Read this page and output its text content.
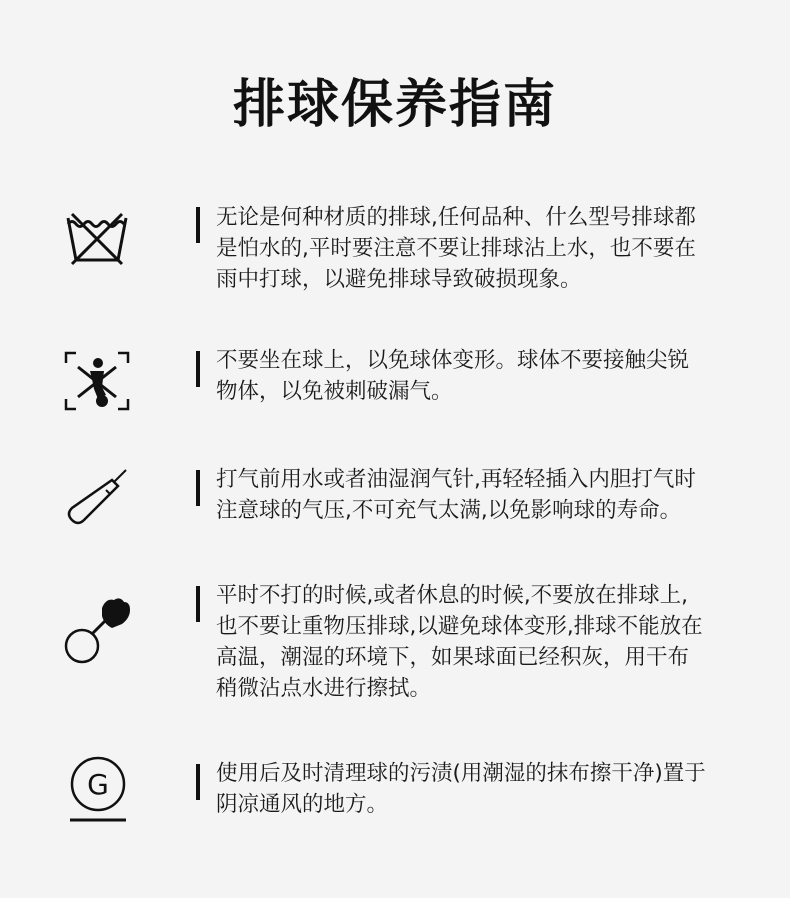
排球保养指南
无论是何种材质的排球,任何品种、什么型号排球都
是怕水的,平时要注意不要让排球沾上水，也不要在
雨中打球，以避免排球导致破损现象。
不要坐在球上，以免球体变形。球体不要接触尖锐
物体，以免被刺破漏气。
打气前用水或者油湿润气针,再轻轻插入内胆打气时
注意球的气压,不可充气太满,以免影响球的寿命。
平时不打的时候,或者休息的时候,不要放在排球上,
也不要让重物压排球,以避免球体变形,排球不能放在
高温，潮湿的环境下，如果球面已经积灰，用干布
稍微沾点水进行擦拭。
G	使用后及时清理球的污渍(用潮湿的抹布擦干净)置于
阴凉通风的地方。
